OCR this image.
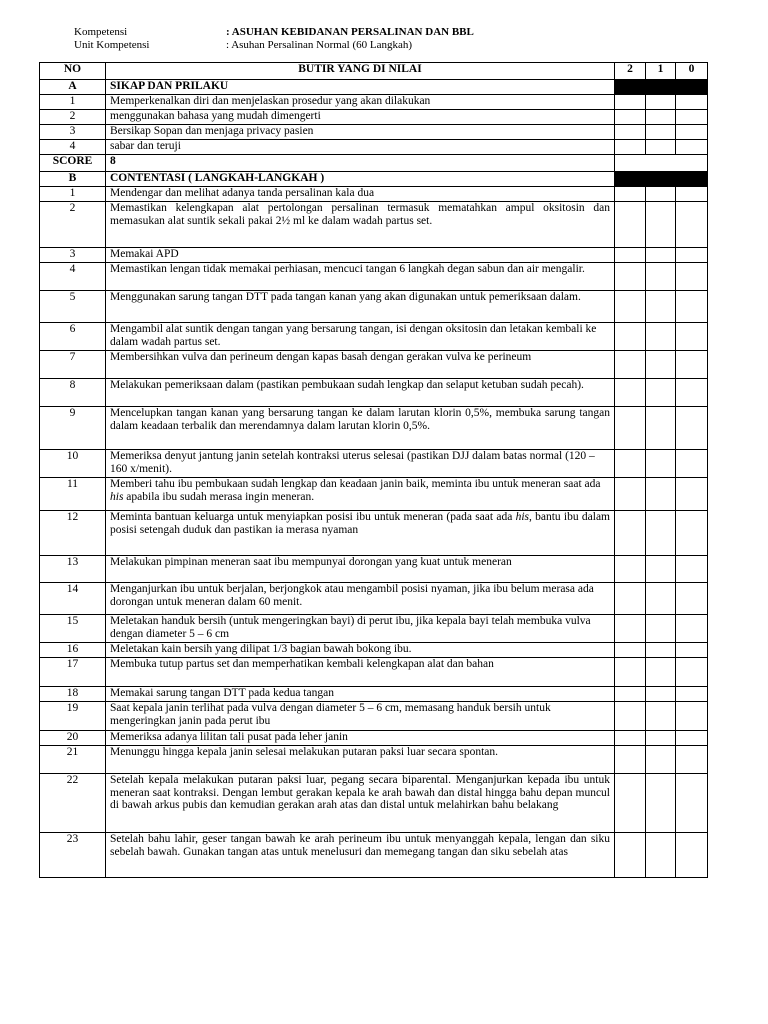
Kompetensi	: ASUHAN KEBIDANAN PERSALINAN DAN BBL
Unit Kompetensi	: Asuhan Persalinan Normal (60 Langkah)
NO	BUTIR YANG DI NILAI	2	1	0
A	SIKAP DAN PRILAKU			
1	Memperkenalkan diri dan menjelaskan prosedur yang akan dilakukan			
2	menggunakan bahasa yang mudah dimengerti			
3	Bersikap Sopan dan menjaga privacy pasien			
4	sabar dan teruji			
SCORE	8			
B	CONTENTASI ( LANGKAH-LANGKAH )			
1	Mendengar dan melihat adanya tanda persalinan kala dua			
2	Memastikan kelengkapan alat pertolongan persalinan termasuk mematahkan ampul oksitosin dan memasukan alat suntik sekali pakai 2½ ml ke dalam wadah partus set.			
3	Memakai APD			
4	Memastikan lengan tidak memakai perhiasan, mencuci tangan 6 langkah degan sabun dan air mengalir.			
5	Menggunakan sarung tangan DTT pada tangan kanan yang akan digunakan untuk pemeriksaan dalam.			
6	Mengambil alat suntik dengan tangan yang bersarung tangan, isi dengan oksitosin dan letakan kembali ke dalam wadah partus set.			
7	Membersihkan vulva dan perineum dengan kapas basah dengan gerakan vulva ke perineum			
8	Melakukan pemeriksaan dalam (pastikan pembukaan sudah lengkap dan selaput ketuban sudah pecah).			
9	Mencelupkan tangan kanan yang bersarung tangan ke dalam larutan klorin 0,5%, membuka sarung tangan dalam keadaan terbalik dan merendamnya dalam larutan klorin 0,5%.			
10	Memeriksa denyut jantung janin setelah kontraksi uterus selesai (pastikan DJJ dalam batas normal (120 – 160 x/menit).			
11	Memberi tahu ibu pembukaan sudah lengkap dan keadaan janin baik, meminta ibu untuk meneran saat ada his apabila ibu sudah merasa ingin meneran.			
12	Meminta bantuan keluarga untuk menyiapkan posisi ibu untuk meneran (pada saat ada his, bantu ibu dalam posisi setengah duduk dan pastikan ia merasa nyaman			
13	Melakukan pimpinan meneran saat ibu mempunyai dorongan yang kuat untuk meneran			
14	Menganjurkan ibu untuk berjalan, berjongkok atau mengambil posisi nyaman, jika ibu belum merasa ada dorongan untuk meneran dalam 60 menit.			
15	Meletakan handuk bersih (untuk mengeringkan bayi) di perut ibu, jika kepala bayi telah membuka vulva dengan diameter 5 – 6 cm			
16	Meletakan kain bersih yang dilipat 1/3 bagian bawah bokong ibu.			
17	Membuka tutup partus set dan memperhatikan kembali kelengkapan alat dan bahan			
18	Memakai sarung tangan DTT pada kedua tangan			
19	Saat kepala janin terlihat pada vulva dengan diameter 5 – 6 cm, memasang handuk bersih untuk mengeringkan janin pada perut ibu			
20	Memeriksa adanya lilitan tali pusat pada leher janin			
21	Menunggu hingga kepala janin selesai melakukan putaran paksi luar secara spontan.			
22	Setelah kepala melakukan putaran paksi luar, pegang secara biparental. Menganjurkan kepada ibu untuk meneran saat kontraksi. Dengan lembut gerakan kepala ke arah bawah dan distal hingga bahu depan muncul di bawah arkus pubis dan kemudian gerakan arah atas dan distal untuk melahirkan bahu belakang			
23	Setelah bahu lahir, geser tangan bawah ke arah perineum ibu untuk menyanggah kepala, lengan dan siku sebelah bawah. Gunakan tangan atas untuk menelusuri dan memegang tangan dan siku sebelah atas			
